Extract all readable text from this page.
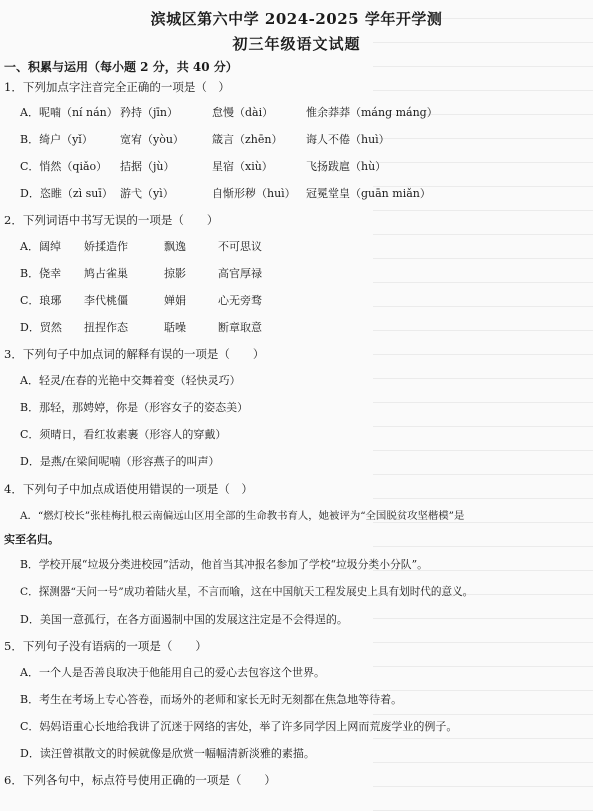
滨城区第六中学 2024-2025 学年开学测
初三年级语文试题
一、积累与运用（每小题 2 分，共 40 分）
1．下列加点字注音完全正确的一项是（　）
A．呢喃（ní nán） 矜持（jīn）	怠慢（dài）	惟余莽莽（máng máng）
B．绮户（yǐ） 宽宥（yòu）	箴言（zhēn） 诲人不倦（huì）
C．悄然（qiǎo） 拮据（jù）	星宿（xiù）	飞扬跋扈（hù）
D．恣睢（zì suī） 游弋（yì）	自惭形秽（huì） 冠冕堂皇（guān miǎn）
2．下列词语中书写无误的一项是（　　）
A．阔绰 娇揉造作	飘逸	不可思议
B．侥幸 鸠占雀巢	掠影	高官厚禄
C．琅琊 李代桃僵	婵娟	心无旁骛
D．贸然 扭捏作态	聒噪	断章取意
3．下列句子中加点词的解释有误的一项是（　　）
A．轻灵/在春的光艳中交舞着变（轻快灵巧）
B．那轻，那娉婷，你是（形容女子的姿态美）
C．须晴日，看红妆素裹（形容人的穿戴）
D．是燕/在梁间呢喃（形容燕子的叫声）
4．下列句子中加点成语使用错误的一项是（　）
A．“燃灯校长”张桂梅扎根云南偏远山区用全部的生命教书育人，她被评为“全国脱贫攻坚楷模”是
实至名归。
B．学校开展“垃圾分类进校园”活动，他首当其冲报名参加了学校“垃圾分类小分队”。
C．探测器“天问一号”成功着陆火星，不言而喻，这在中国航天工程发展史上具有划时代的意义。
D．美国一意孤行，在各方面遏制中国的发展这注定是不会得逞的。
5．下列句子没有语病的一项是（　　）
A．一个人是否善良取决于他能用自己的爱心去包容这个世界。
B．考生在考场上专心答卷，而场外的老师和家长无时无刻都在焦急地等待着。
C．妈妈语重心长地给我讲了沉迷于网络的害处，举了许多同学因上网而荒废学业的例子。
D．读汪曾祺散文的时候就像是欣赏一幅幅清新淡雅的素描。
6．下列各句中，标点符号使用正确的一项是（　　）
